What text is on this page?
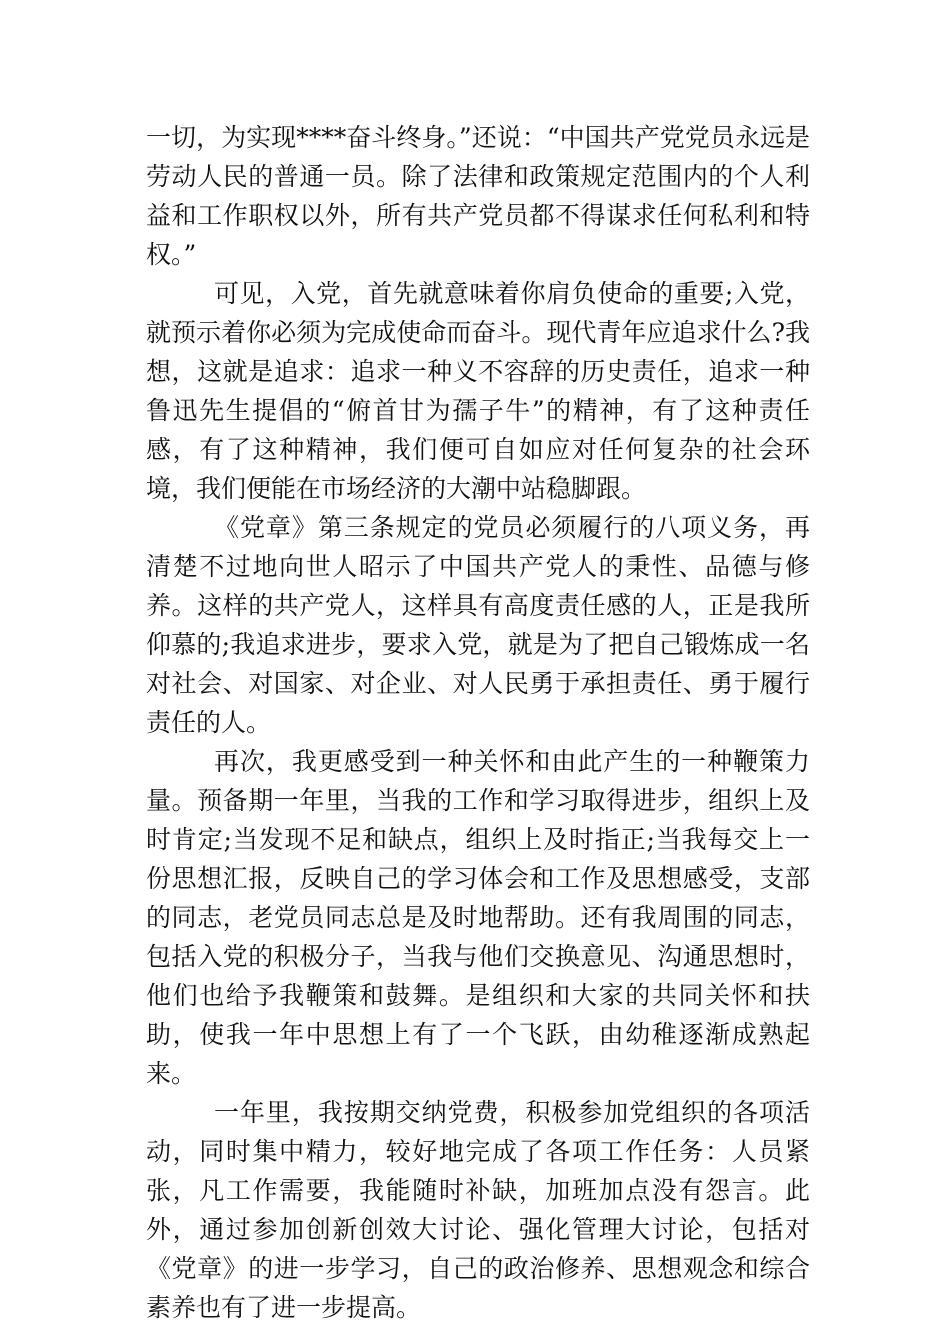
一切，为实现****奋斗终身。”还说：“中国共产党党员永远是劳动人民的普通一员。除了法律和政策规定范围内的个人利益和工作职权以外，所有共产党员都不得谋求任何私利和特权。”

可见，入党，首先就意味着你肩负使命的重要;入党，就预示着你必须为完成使命而奋斗。现代青年应追求什么?我想，这就是追求：追求一种义不容辞的历史责任，追求一种鲁迅先生提倡的“俯首甘为孺子牛”的精神，有了这种责任感，有了这种精神，我们便可自如应对任何复杂的社会环境，我们便能在市场经济的大潮中站稳脚跟。

《党章》第三条规定的党员必须履行的八项义务，再清楚不过地向世人昭示了中国共产党人的秉性、品德与修养。这样的共产党人，这样具有高度责任感的人，正是我所仰慕的;我追求进步，要求入党，就是为了把自己锻炼成一名对社会、对国家、对企业、对人民勇于承担责任、勇于履行责任的人。

再次，我更感受到一种关怀和由此产生的一种鞭策力量。预备期一年里，当我的工作和学习取得进步，组织上及时肯定;当发现不足和缺点，组织上及时指正;当我每交上一份思想汇报，反映自己的学习体会和工作及思想感受，支部的同志，老党员同志总是及时地帮助。还有我周围的同志，包括入党的积极分子，当我与他们交换意见、沟通思想时，他们也给予我鞭策和鼓舞。是组织和大家的共同关怀和扶助，使我一年中思想上有了一个飞跃，由幼稚逐渐成熟起来。

一年里，我按期交纳党费，积极参加党组织的各项活动，同时集中精力，较好地完成了各项工作任务：人员紧张，凡工作需要，我能随时补缺，加班加点没有怨言。此外，通过参加创新创效大讨论、强化管理大讨论，包括对《党章》的进一步学习，自己的政治修养、思想观念和综合素养也有了进一步提高。
